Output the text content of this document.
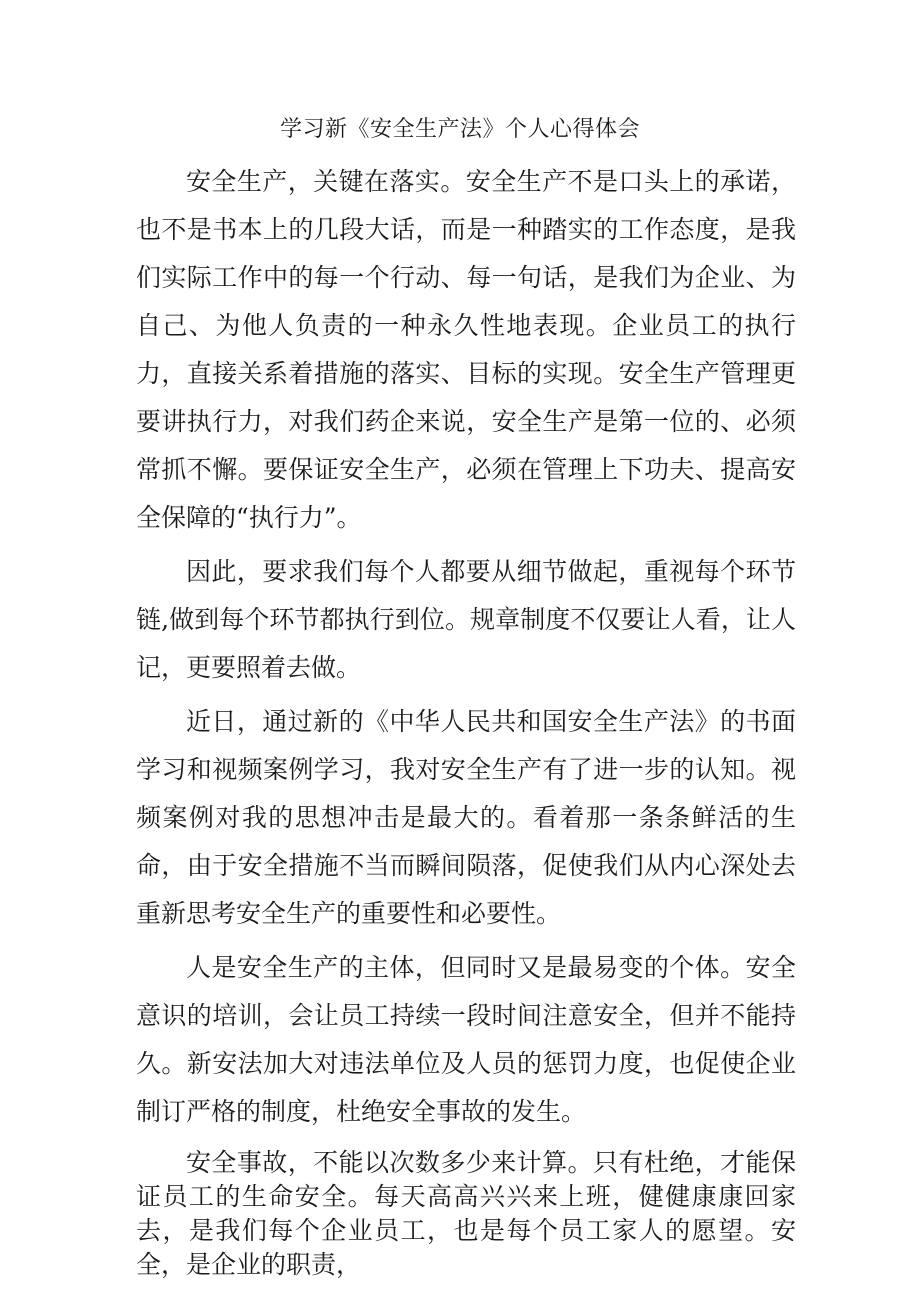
学习新《安全生产法》个人心得体会

安全生产，关键在落实。安全生产不是口头上的承诺，也不是书本上的几段大话，而是一种踏实的工作态度，是我们实际工作中的每一个行动、每一句话，是我们为企业、为自己、为他人负责的一种永久性地表现。企业员工的执行力，直接关系着措施的落实、目标的实现。安全生产管理更要讲执行力，对我们药企来说，安全生产是第一位的、必须常抓不懈。要保证安全生产，必须在管理上下功夫、提高安全保障的“执行力”。

因此，要求我们每个人都要从细节做起，重视每个环节链,做到每个环节都执行到位。规章制度不仅要让人看，让人记，更要照着去做。

近日，通过新的《中华人民共和国安全生产法》的书面学习和视频案例学习，我对安全生产有了进一步的认知。视频案例对我的思想冲击是最大的。看着那一条条鲜活的生命，由于安全措施不当而瞬间陨落，促使我们从内心深处去重新思考安全生产的重要性和必要性。

人是安全生产的主体，但同时又是最易变的个体。安全意识的培训，会让员工持续一段时间注意安全，但并不能持久。新安法加大对违法单位及人员的惩罚力度，也促使企业制订严格的制度，杜绝安全事故的发生。

安全事故，不能以次数多少来计算。只有杜绝，才能保证员工的生命安全。每天高高兴兴来上班，健健康康回家去，是我们每个企业员工，也是每个员工家人的愿望。安全，是企业的职责，
